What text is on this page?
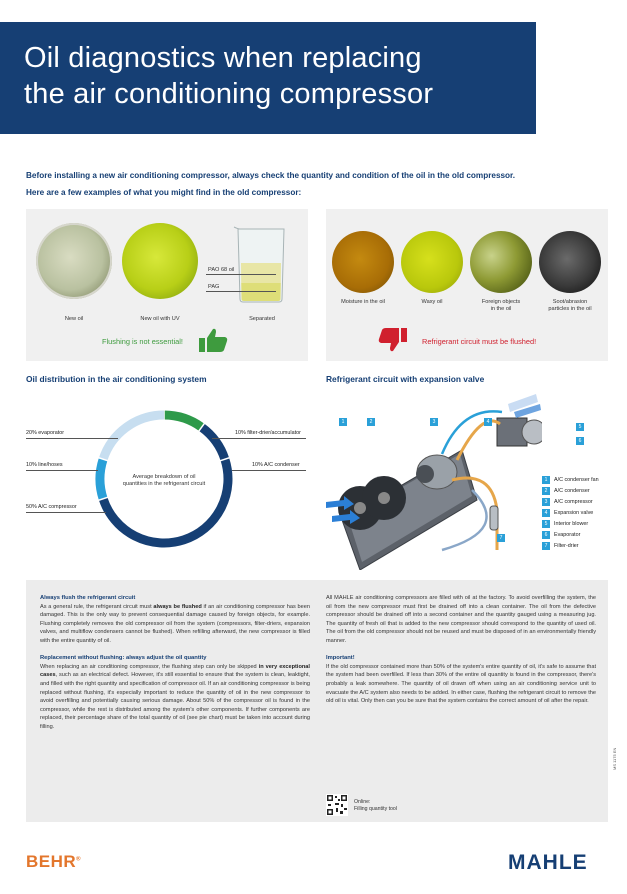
Oil diagnostics when replacing
the air conditioning compressor

Before installing a new air conditioning compressor, always check the quantity and condition of the oil in the old compressor.

Here are a few examples of what you might find in the old compressor:

PAO 68 oil
PAG
New oil	New oil with UV	Separated
Flushing is not essential!
Moisture in the oil	Waxy oil	Foreign objects
in the oil
Soot/abrasion
particles in the oil
Refrigerant circuit must be flushed!
Oil distribution in the air conditioning system	Refrigerant circuit with expansion valve
Average breakdown of oil
quantities in the refrigerant circuit
20% evaporator
10% line/hoses
50% A/C compressor
10% filter-drier/accumulator
10% A/C condenser
1	2	3	4
5
6
7
1 A/C condenser fan
2 A/C condenser
3 A/C compressor
4 Expansion valve
5 Interior blower
6 Evaporator
7 Filter-drier
Always flush the refrigerant circuit

As a general rule, the refrigerant circuit must always be flushed if an air conditioning compressor has been damaged. This is the only way to prevent consequential damage caused by foreign objects, for example. Flushing completely removes the old compressor oil from the system (compressors, filter-driers, expansion valves, and multiflow condensers cannot be flushed). When refilling afterward, the new compressor is filled with the entire quantity of oil.

Replacement without flushing: always adjust the oil quantity

When replacing an air conditioning compressor, the flushing step can only be skipped in very exceptional cases, such as an electrical defect. However, it's still essential to ensure that the system is clean, leaktight, and filled with the right quantity and specification of compressor oil. If an air conditioning compressor is being replaced without flushing, it's especially important to reduce the quantity of oil in the new compressor to avoid overfilling and potentially causing serious damage. About 50% of the compressor oil is found in the compressor, while the rest is distributed among the system's other components. If further components are replaced, their percentage share of the total quantity of oil (see pie chart) must be taken into account during filling.

All MAHLE air conditioning compressors are filled with oil at the factory. To avoid overfilling the system, the oil from the new compressor must first be drained off into a clean container. The oil from the defective compressor should be drained off into a second container and the quantity gauged using a measuring jug. The quantity of fresh oil that is added to the new compressor should correspond to the quantity of used oil. The oil from the old compressor should not be reused and must be disposed of in an environmentally friendly manner.

Important!

If the old compressor contained more than 50% of the system's entire quantity of oil, it's safe to assume that the system had been overfilled. If less than 30% of the entire oil quantity is found in the compressor, there's probably a leak somewhere. The quantity of oil drawn off when using an air conditioning service unit to evacuate the A/C system also needs to be added. In either case, flushing the refrigerant circuit to remove the old oil is vital. Only then can you be sure that the system contains the correct amount of oil after the repair.

Online:
Filling quantity tool
MS 1175 EN
BEHR®	MAHLE
